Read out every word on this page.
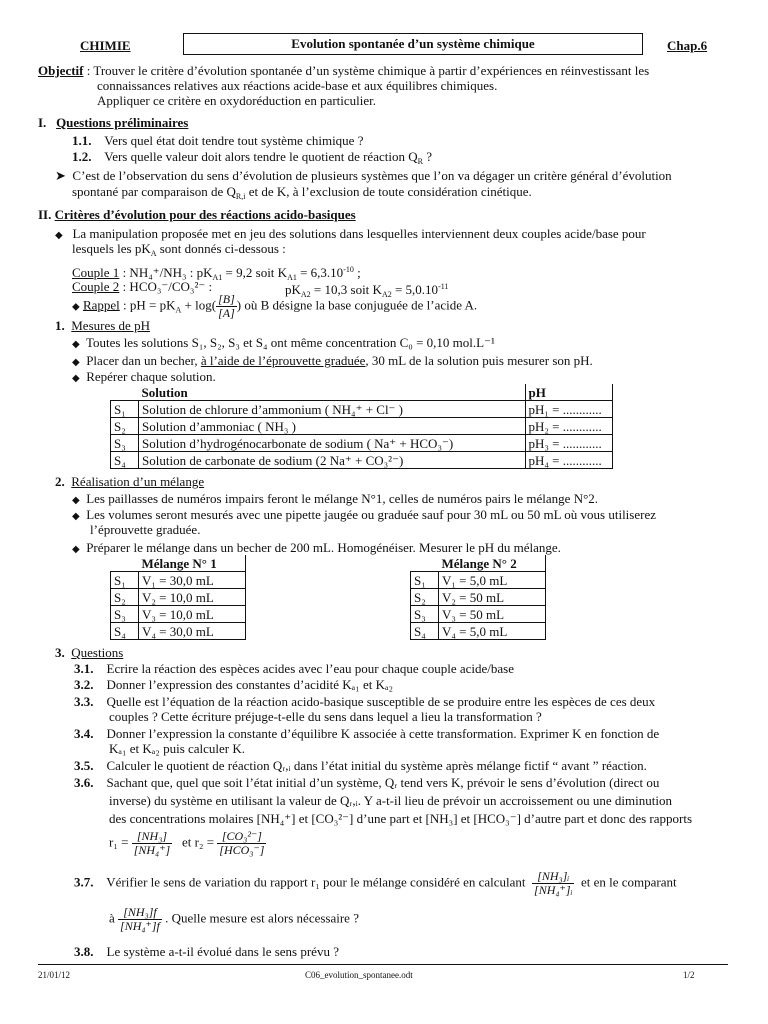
CHIMIE	Evolution spontanée d’un système chimique	Chap.6
Objectif : Trouver le critère d’évolution spontanée d’un système chimique à partir d’expériences en réinvestissant les
connaissances relatives aux réactions acide-base et aux équilibres chimiques.
Appliquer ce critère en oxydoréduction en particulier.
I. Questions préliminaires
1.1. Vers quel état doit tendre tout système chimique ?
1.2. Vers quelle valeur doit alors tendre le quotient de réaction $Q_R$ ?
➤ C’est de l’observation du sens d’évolution de plusieurs systèmes que l’on va dégager un critère général d’évolution
spontané par comparaison de $Q_{R,i}$ et de K, à l’exclusion de toute considération cinétique.
II. Critères d’évolution pour des réactions acido-basiques
◆ La manipulation proposée met en jeu des solutions dans lesquelles interviennent deux couples acide/base pour
lesquels les $pK_A$ sont donnés ci-dessous :
Couple 1 : NH₄⁺/NH₃ : $pK_{A1} = 9,2$ soit $K_{A1} = 6,3.10^{-10}$ ;
Couple 2 : HCO₃⁻/CO₃²⁻ :	$pK_{A2} = 10,3$ soit $K_{A2} = 5,0.10^{-11}$
◆ Rappel : pH = $pK_A + \log( \frac{[B]}{[A]}$ ) où B désigne la base conjuguée de l’acide A.
1. Mesures de pH
◆ Toutes les solutions S₁, S₂, S₃ et S₄ ont même concentration C₀ = 0,10 mol.L⁻¹
◆ Placer dan un becher, à l’aide de l’éprouvette graduée, 30 mL de la solution puis mesurer son pH.
◆ Repérer chaque solution.
	Solution	pH
S₁	Solution de chlorure d’ammonium ( NH₄⁺ + Cl⁻ )	pH₁ = ............
S₂	Solution d’ammoniac ( NH₃ )	pH₂ = ............
S₃	Solution d’hydrogénocarbonate de sodium ( Na⁺ + HCO₃⁻)	pH₃ = ............
S₄	Solution de carbonate de sodium (2 Na⁺ + CO₃²⁻)	pH₄ = ............
2. Réalisation d’un mélange
◆ Les paillasses de numéros impairs feront le mélange N°1, celles de numéros pairs le mélange N°2.
◆ Les volumes seront mesurés avec une pipette jaugée ou graduée sauf pour 30 mL ou 50 mL où vous utiliserez
l’éprouvette graduée.
◆ Préparer le mélange dans un becher de 200 mL. Homogénéiser. Mesurer le pH du mélange.
	Mélange N° 1
S₁	V₁ = 30,0 mL
S₂	V₂ = 10,0 mL
S₃	V₃ = 10,0 mL
S₄	V₄ = 30,0 mL
	Mélange N° 2
S₁	V₁ = 5,0 mL
S₂	V₂ = 50 mL
S₃	V₃ = 50 mL
S₄	V₄ = 5,0 mL
3. Questions
3.1. Ecrire la réaction des espèces acides avec l’eau pour chaque couple acide/base
3.2. Donner l’expression des constantes d’acidité Kₐ₁ et Kₐ₂
3.3. Quelle est l’équation de la réaction acido-basique susceptible de se produire entre les espèces de ces deux
couples ? Cette écriture préjuge-t-elle du sens dans lequel a lieu la transformation ?
3.4. Donner l’expression la constante d’équilibre K associée à cette transformation. Exprimer K en fonction de
Kₐ₁ et Kₐ₂ puis calculer K.
3.5. Calculer le quotient de réaction Qᵣ,ᵢ dans l’état initial du système après mélange fictif “ avant ” réaction.
3.6. Sachant que, quel que soit l’état initial d’un système, Qᵣ tend vers K, prévoir le sens d’évolution (direct ou
inverse) du système en utilisant la valeur de Qᵣ,ᵢ. Y a-t-il lieu de prévoir un accroissement ou une diminution
des concentrations molaires [NH₄⁺] et [CO₃²⁻] d’une part et [NH₃] et [HCO₃⁻] d’autre part et donc des rapports
$r_1 = \frac{\text{[NH₃]}}{\text{[NH₄⁺]}}$ et $r_2 = \frac{\text{[CO₃²⁻]}}{\text{[HCO₃⁻]}}$
3.7. Vérifier le sens de variation du rapport r₁ pour le mélange considéré en calculant $\frac{\text{[NH₃]ᵢ}}{\text{[NH₄⁺]ᵢ}}$ et en le comparant
à $\frac{\text{[NH₃]f}}{\text{[NH₄⁺]f}}$ . Quelle mesure est alors nécessaire ?
3.8. Le système a-t-il évolué dans le sens prévu ?
21/01/12	C06_evolution_spontanee.odt	1/2
